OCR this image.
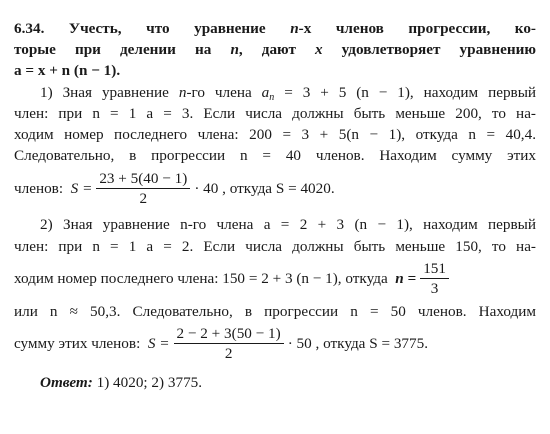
6.34. Учесть, что уравнение n-х членов прогрессии, ко-
торые при делении на n, дают x удовлетворяет уравнению
a = x + n (n − 1).
1) Зная уравнение n-го члена $a_n = 3 + 5$ (n − 1), находим первый
член: при n = 1 a = 3. Если числа должны быть меньше 200, то на-
ходим номер последнего члена: 200 = 3 + 5(n − 1), откуда n = 40,4.
Следовательно, в прогрессии n = 40 членов. Находим сумму этих
членов:
$S = \frac{23 + 5(40 - 1)}{2} \cdot 40$ , откуда S = 4020.
2) Зная уравнение n-го члена a = 2 + 3 (n − 1), находим первый
член: при n = 1 a = 2. Если числа должны быть меньше 150, то на-
ходим номер последнего члена: 150 = 2 + 3 (n − 1), откуда
$n = \frac{151}{3}$
или n ≈ 50,3. Следовательно, в прогрессии n = 50 членов. Находим
сумму этих членов:
$S = \frac{2 - 2 + 3(50 - 1)}{2} \cdot 50$ , откуда S = 3775.
Ответ: 1) 4020; 2) 3775.
